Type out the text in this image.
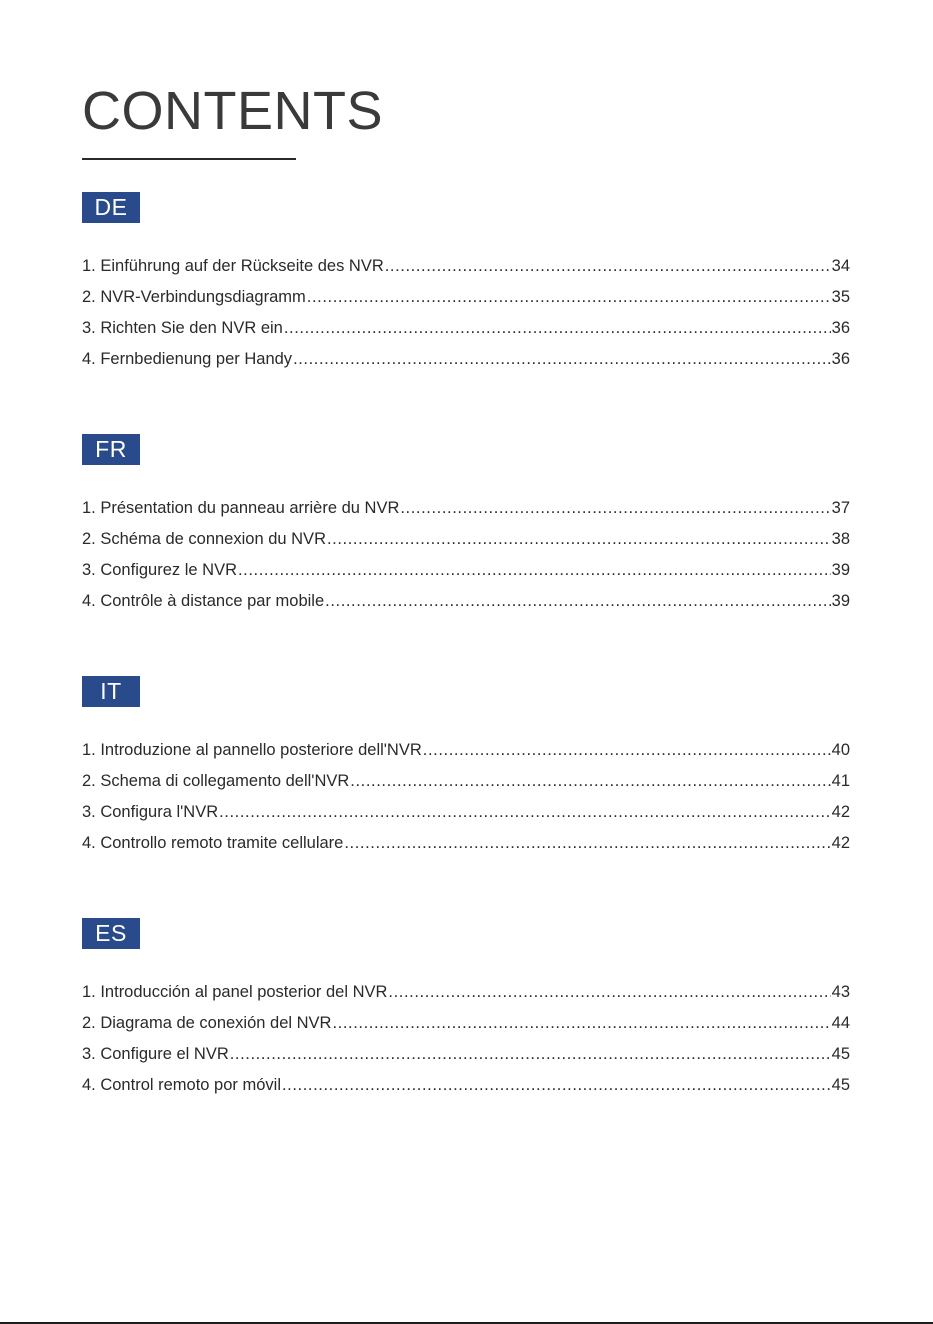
CONTENTS
DE
1. Einführung auf der Rückseite des NVR .....	34
2. NVR-Verbindungsdiagramm .....	35
3. Richten Sie den NVR ein .....	36
4. Fernbedienung per Handy .....	36
FR
1. Présentation du panneau arrière du NVR .....	37
2. Schéma de connexion du NVR .....	38
3. Configurez le NVR .....	39
4. Contrôle à distance par mobile .....	39
IT
1. Introduzione al pannello posteriore dell'NVR .....	40
2. Schema di collegamento dell'NVR .....	41
3. Configura l'NVR .....	42
4. Controllo remoto tramite cellulare .....	42
ES
1. Introducción al panel posterior del NVR .....	43
2. Diagrama de conexión del NVR .....	44
3. Configure el NVR .....	45
4. Control remoto por móvil .....	45
